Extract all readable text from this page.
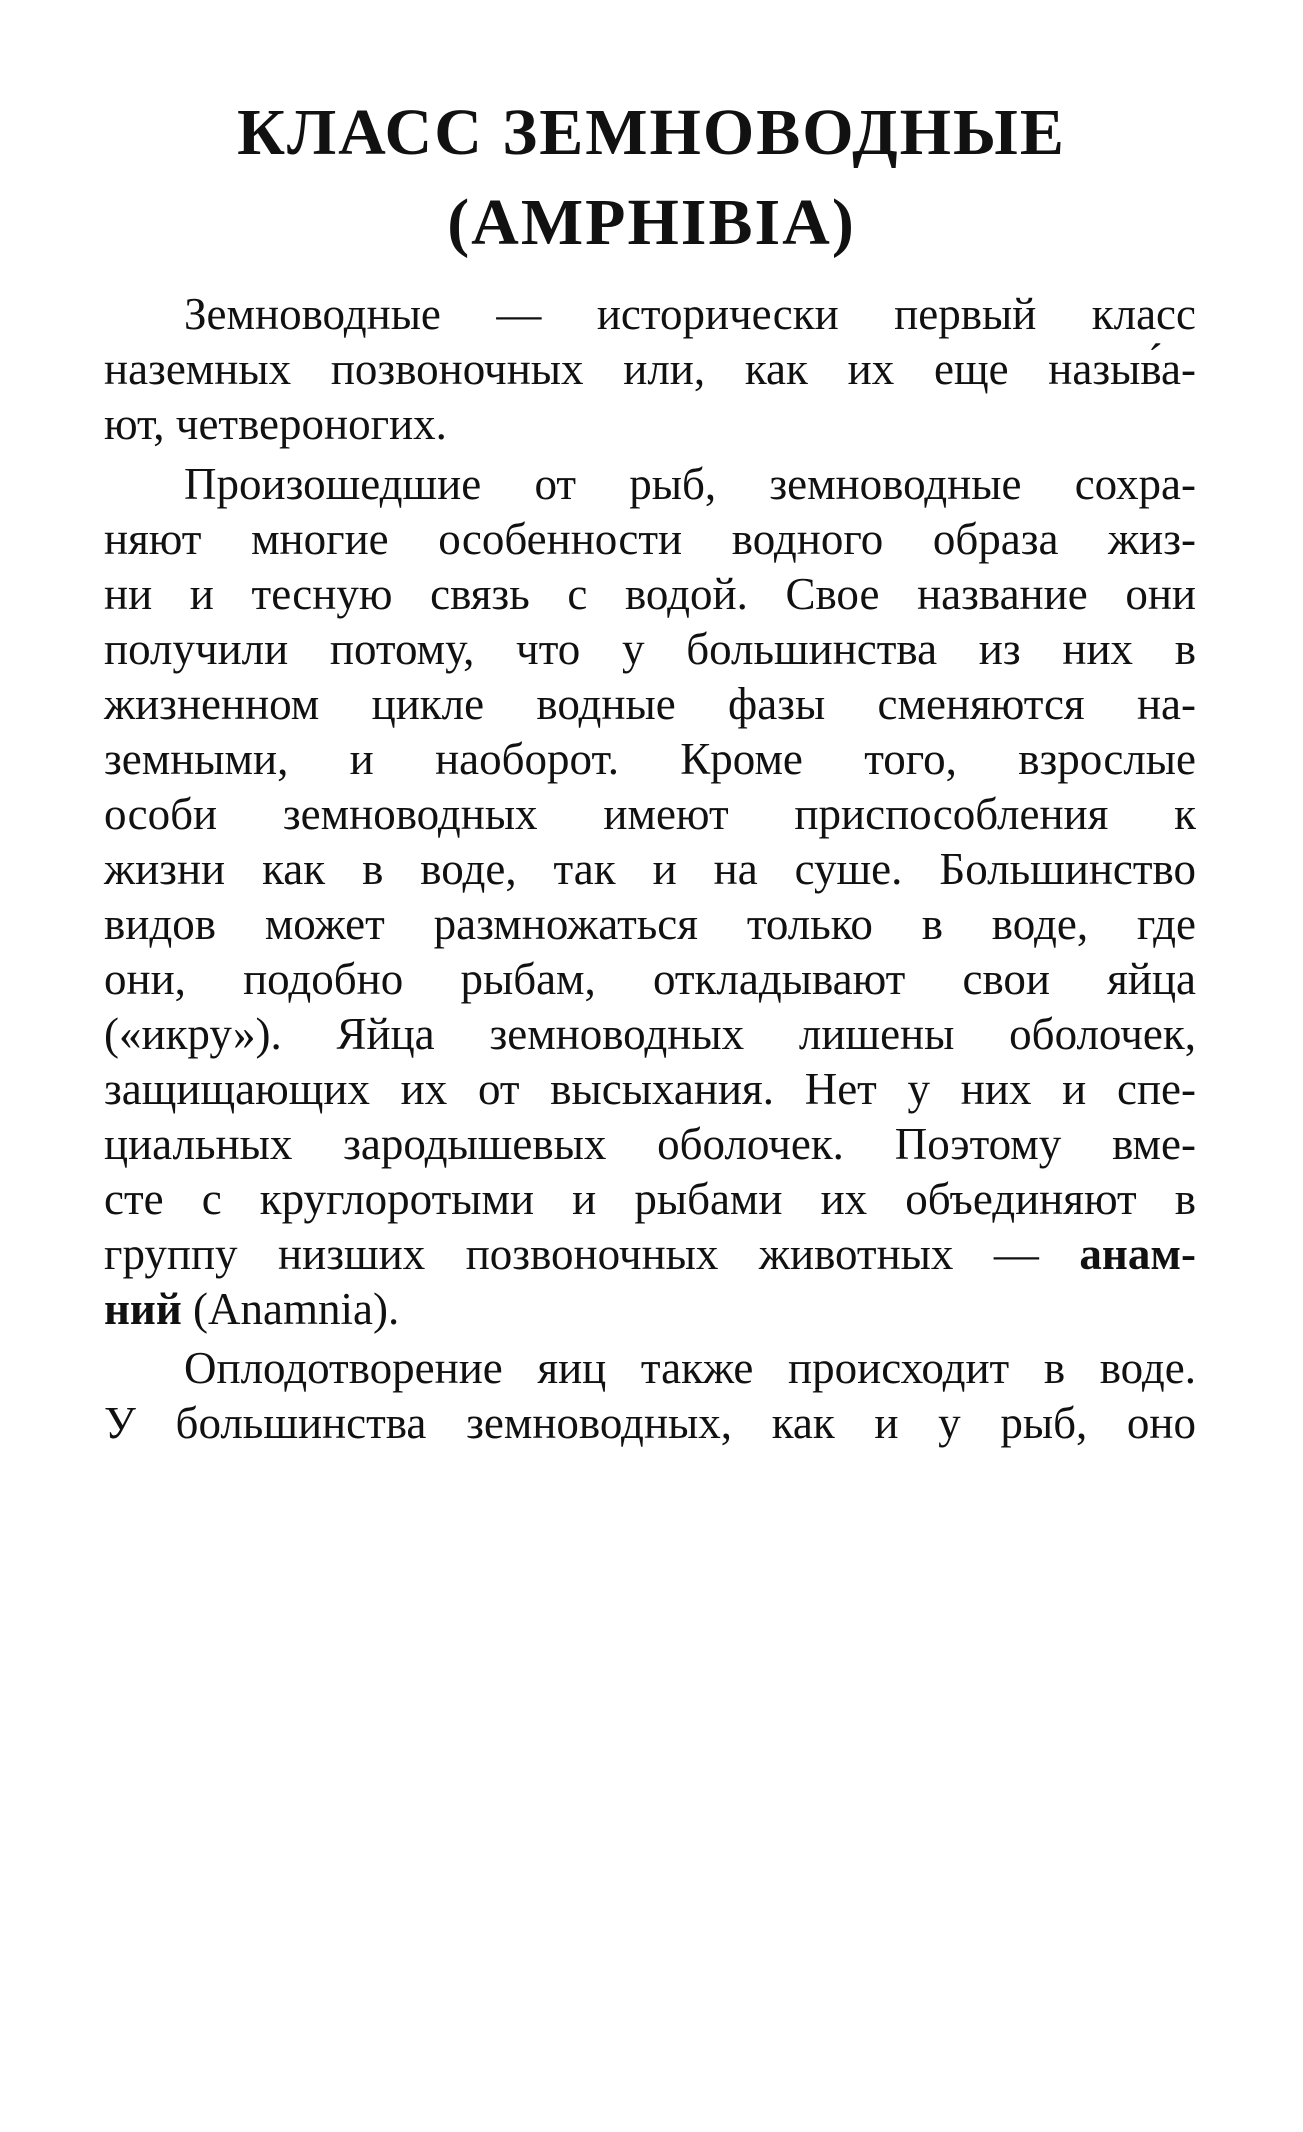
КЛАСС ЗЕМНОВОДНЫЕ
(AMPHIBIA)

Земноводные — исторически первый класс

наземных позвоночных или, как их еще назыв́а-

ют, четвероногих.

Произошедшие от рыб, земноводные сохра-

няют многие особенности водного образа жиз-

ни и тесную связь с водой. Свое название они

получили потому, что у большинства из них в

жизненном цикле водные фазы сменяются на-

земными, и наоборот. Кроме того, взрослые

особи земноводных имеют приспособления к

жизни как в воде, так и на суше. Большинство

видов может размножаться только в воде, где

они, подобно рыбам, откладывают свои яйца

(«икру»). Яйца земноводных лишены оболочек,

защищающих их от высыхания. Нет у них и спе-

циальных зародышевых оболочек. Поэтому вме-

сте с круглоротыми и рыбами их объединяют в

группу низших позвоночных животных — анам-

ний (Anamnia).

Оплодотворение яиц также происходит в воде.

У большинства земноводных, как и у рыб, оно
